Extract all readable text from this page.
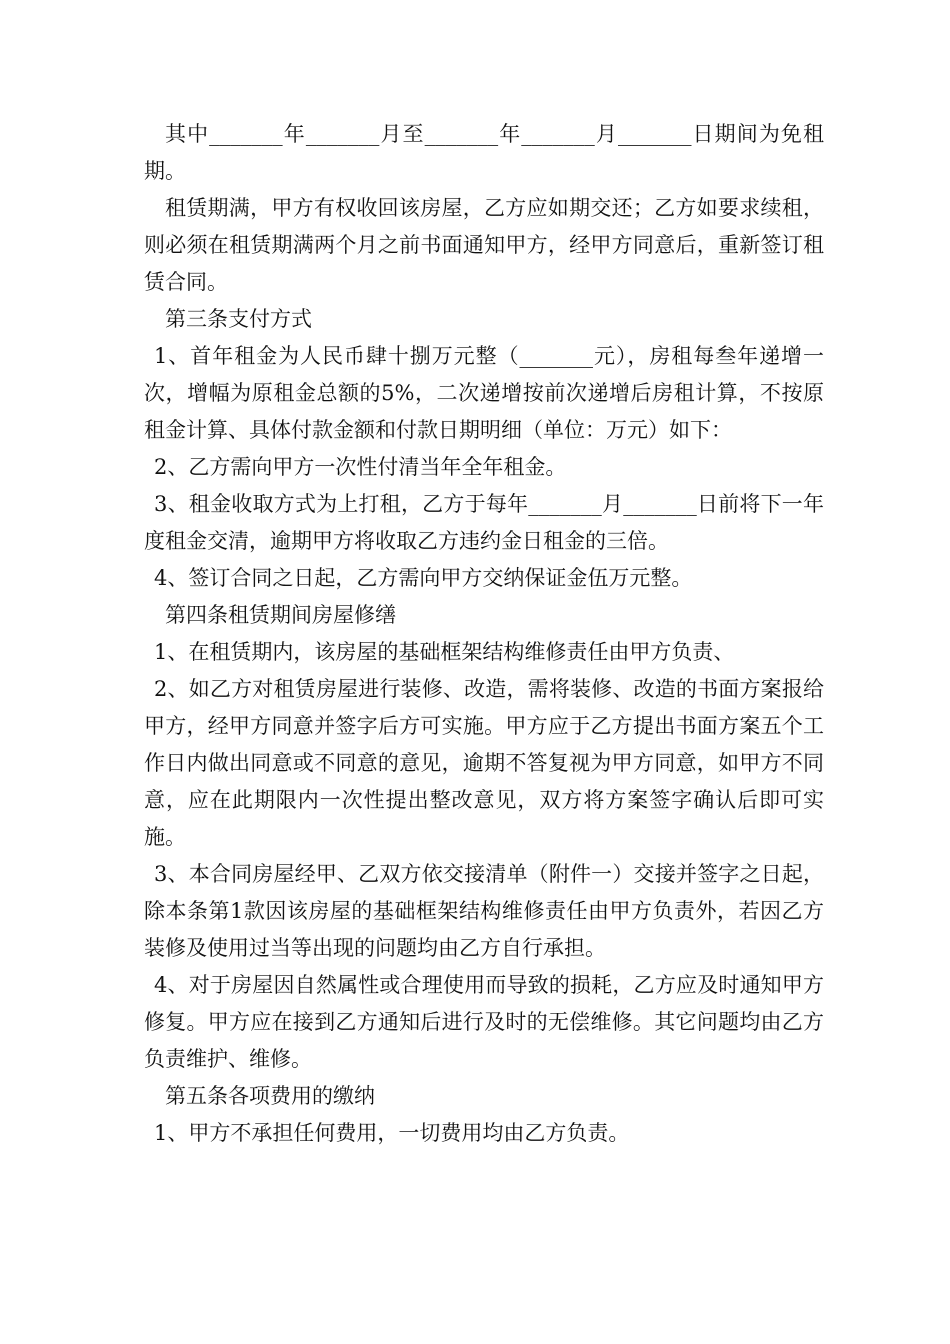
其中_______年_______月至_______年_______月_______日期间为免租期。

租赁期满，甲方有权收回该房屋，乙方应如期交还；乙方如要求续租，则必须在租赁期满两个月之前书面通知甲方，经甲方同意后，重新签订租赁合同。

第三条支付方式

1、首年租金为人民币肆十捌万元整（_______元），房租每叁年递增一次，增幅为原租金总额的5%，二次递增按前次递增后房租计算，不按原租金计算、具体付款金额和付款日期明细（单位：万元）如下：

2、乙方需向甲方一次性付清当年全年租金。

3、租金收取方式为上打租，乙方于每年_______月_______日前将下一年度租金交清，逾期甲方将收取乙方违约金日租金的三倍。

4、签订合同之日起，乙方需向甲方交纳保证金伍万元整。

第四条租赁期间房屋修缮

1、在租赁期内，该房屋的基础框架结构维修责任由甲方负责、

2、如乙方对租赁房屋进行装修、改造，需将装修、改造的书面方案报给甲方，经甲方同意并签字后方可实施。甲方应于乙方提出书面方案五个工作日内做出同意或不同意的意见，逾期不答复视为甲方同意，如甲方不同意，应在此期限内一次性提出整改意见，双方将方案签字确认后即可实施。

3、本合同房屋经甲、乙双方依交接清单（附件一）交接并签字之日起，除本条第1款因该房屋的基础框架结构维修责任由甲方负责外，若因乙方装修及使用过当等出现的问题均由乙方自行承担。

4、对于房屋因自然属性或合理使用而导致的损耗，乙方应及时通知甲方修复。甲方应在接到乙方通知后进行及时的无偿维修。其它问题均由乙方负责维护、维修。

第五条各项费用的缴纳

1、甲方不承担任何费用，一切费用均由乙方负责。
